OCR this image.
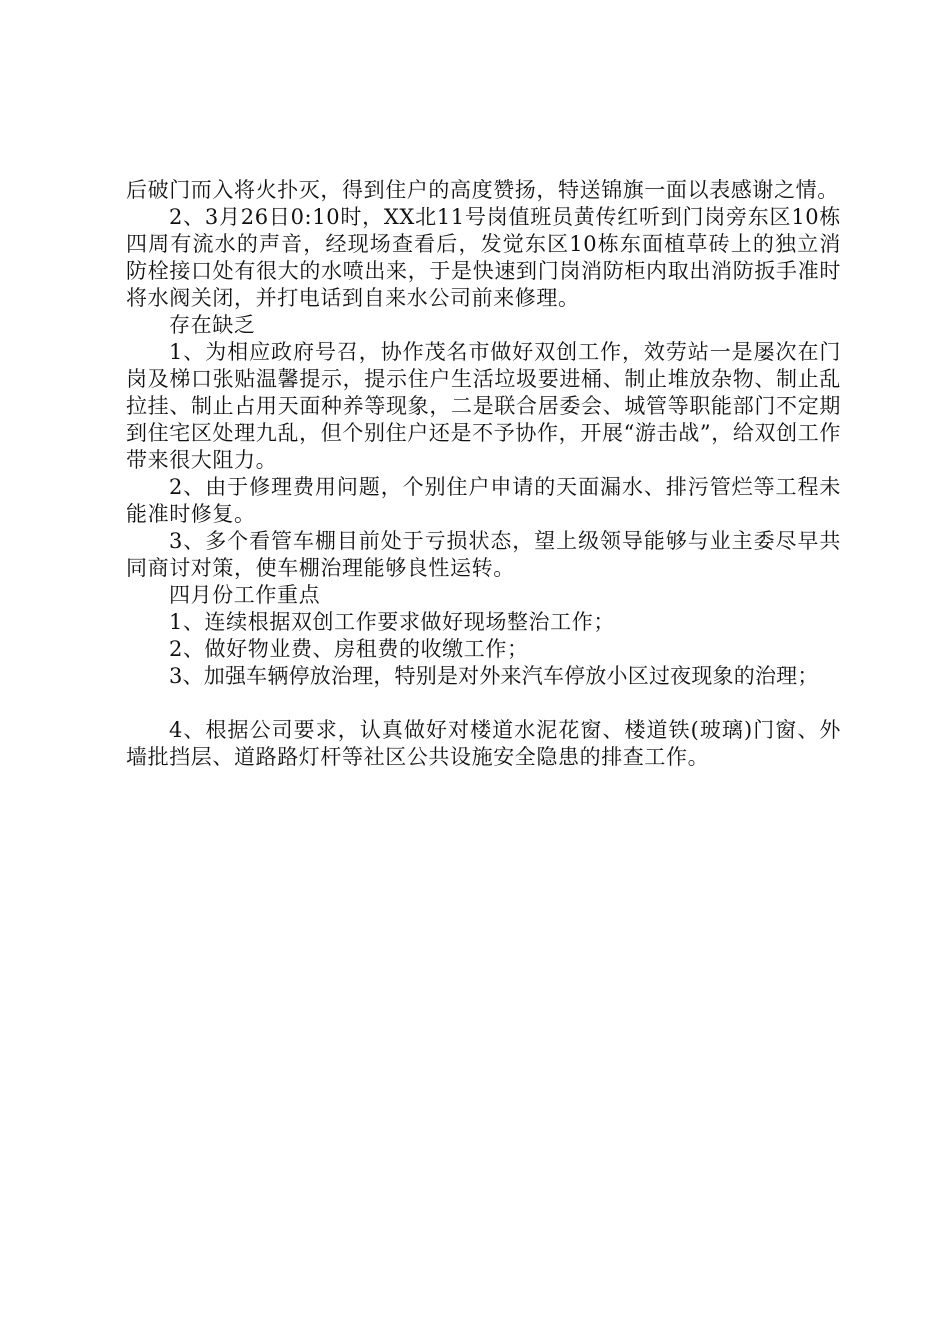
后破门而入将火扑灭，得到住户的高度赞扬，特送锦旗一面以表感谢之情。

2、3月26日0:10时，XX北11号岗值班员黄传红听到门岗旁东区10栋四周有流水的声音，经现场查看后，发觉东区10栋东面植草砖上的独立消防栓接口处有很大的水喷出来，于是快速到门岗消防柜内取出消防扳手准时将水阀关闭，并打电话到自来水公司前来修理。

存在缺乏

1、为相应政府号召，协作茂名市做好双创工作，效劳站一是屡次在门岗及梯口张贴温馨提示，提示住户生活垃圾要进桶、制止堆放杂物、制止乱拉挂、制止占用天面种养等现象，二是联合居委会、城管等职能部门不定期到住宅区处理九乱，但个别住户还是不予协作，开展“游击战”，给双创工作带来很大阻力。

2、由于修理费用问题，个别住户申请的天面漏水、排污管烂等工程未能准时修复。

3、多个看管车棚目前处于亏损状态，望上级领导能够与业主委尽早共同商讨对策，使车棚治理能够良性运转。

四月份工作重点

1、连续根据双创工作要求做好现场整治工作；

2、做好物业费、房租费的收缴工作；

3、加强车辆停放治理，特别是对外来汽车停放小区过夜现象的治理；

4、根据公司要求，认真做好对楼道水泥花窗、楼道铁(玻璃)门窗、外墙批挡层、道路路灯杆等社区公共设施安全隐患的排查工作。
